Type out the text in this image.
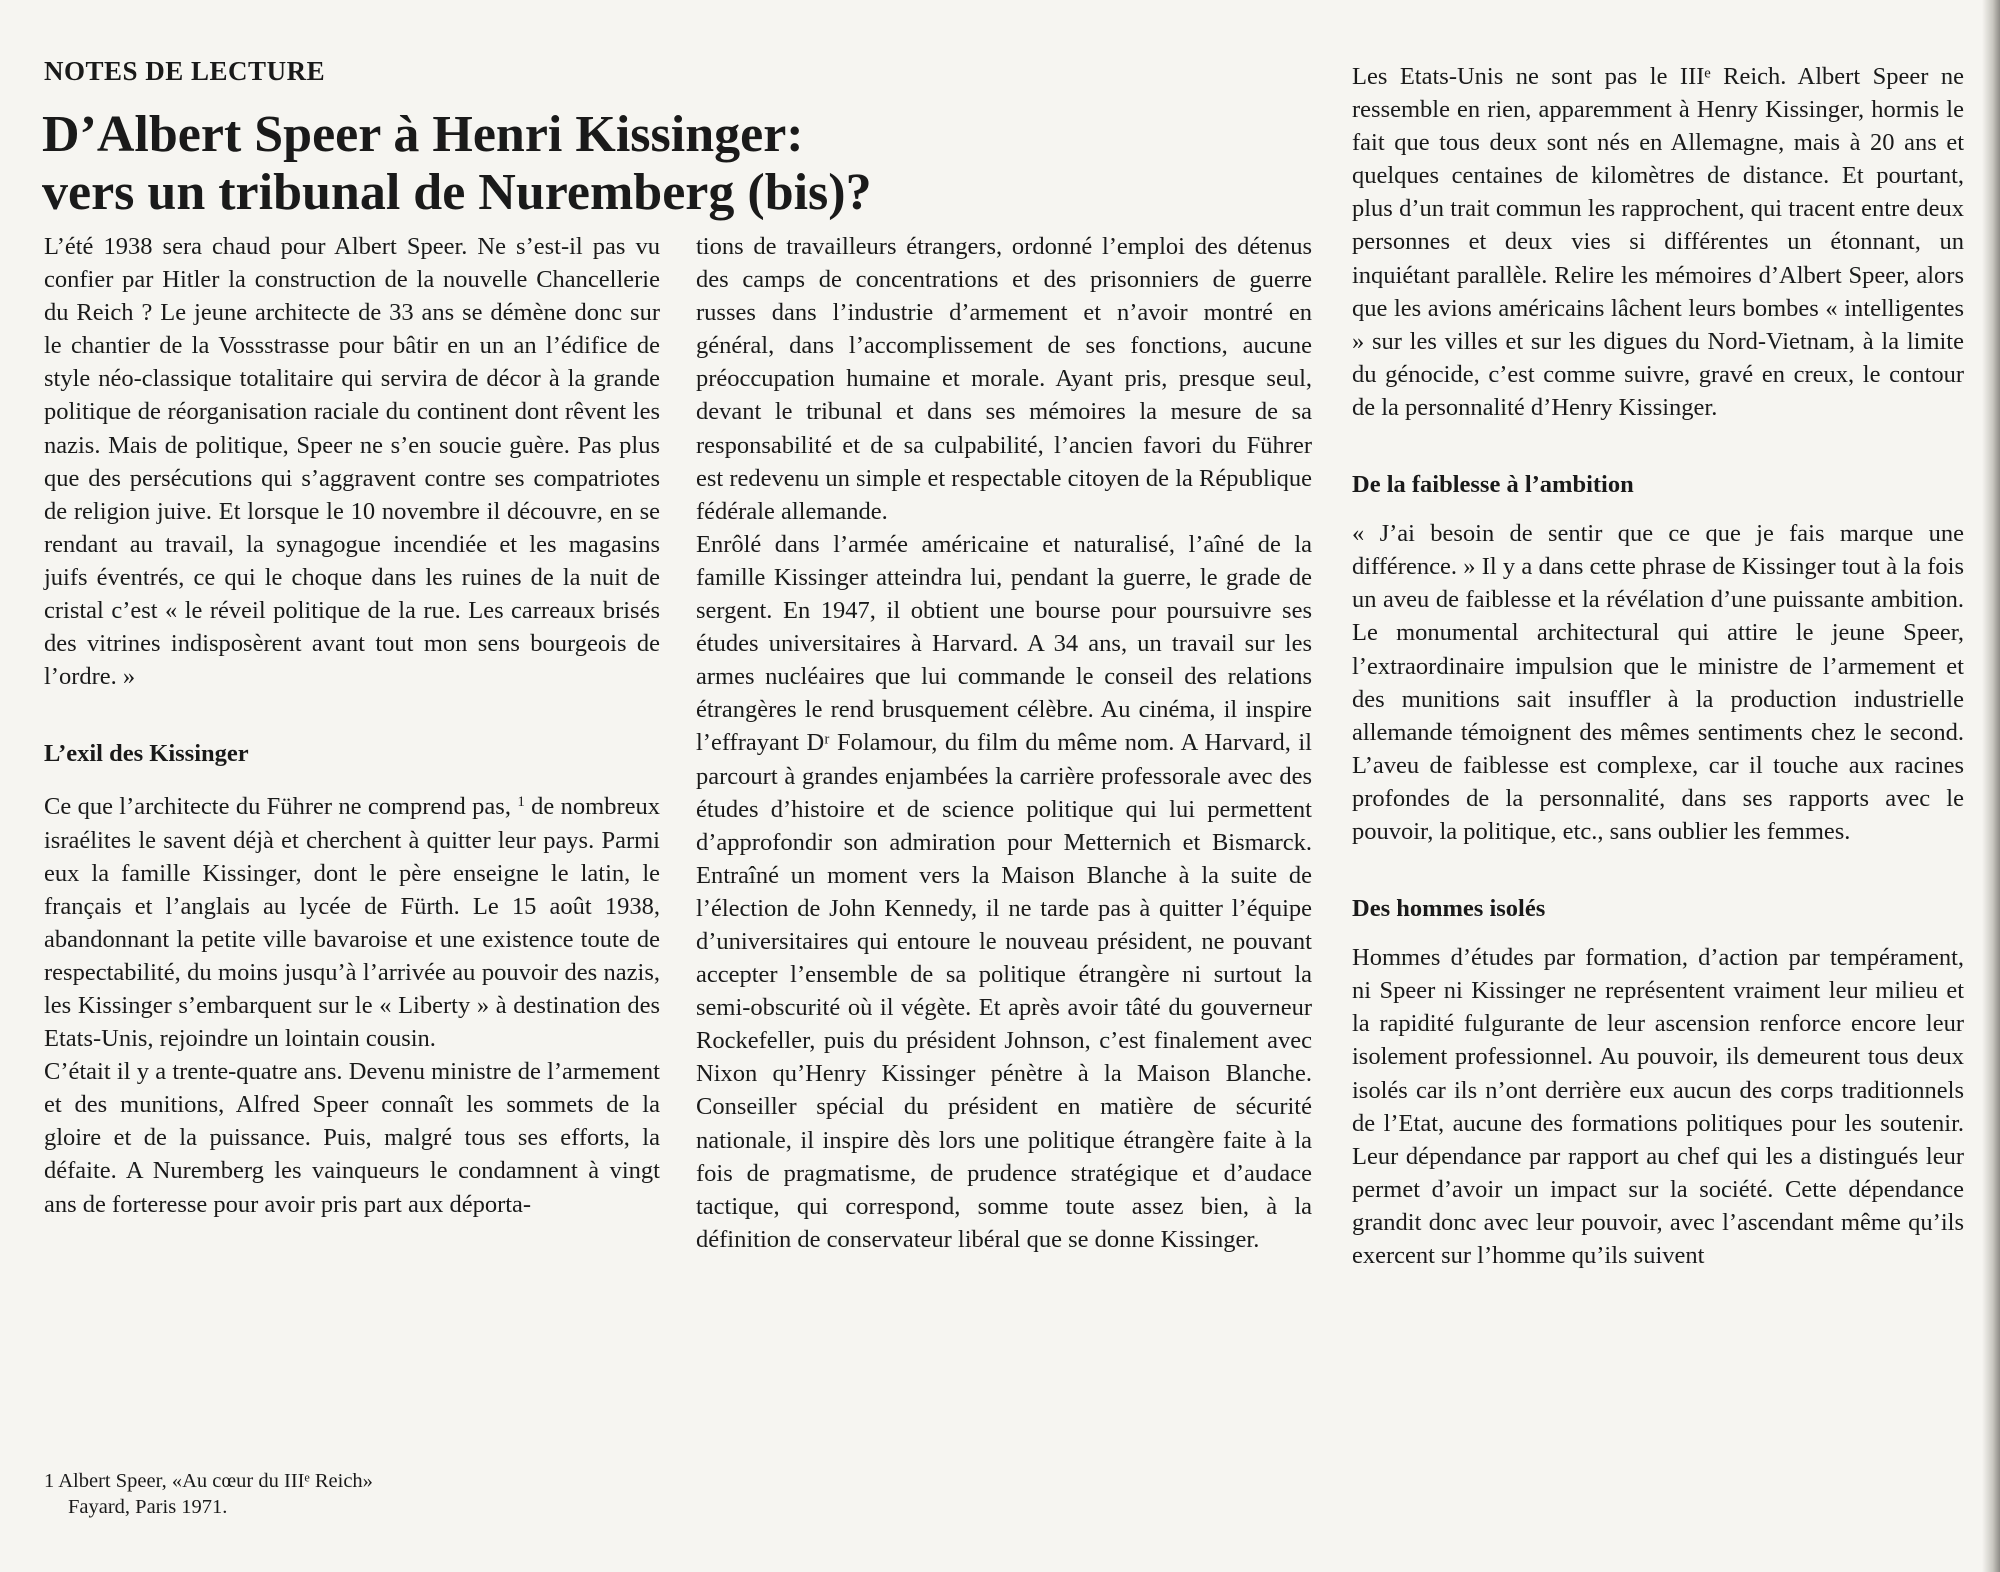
NOTES DE LECTURE
D’Albert Speer à Henri Kissinger:
vers un tribunal de Nuremberg (bis)?

L’été 1938 sera chaud pour Albert Speer. Ne s’est-il pas vu confier par Hitler la construction de la nouvelle Chancellerie du Reich ? Le jeune architecte de 33 ans se démène donc sur le chantier de la Vossstrasse pour bâtir en un an l’édifice de style néo-classique totalitaire qui servira de décor à la grande politique de réorganisation raciale du continent dont rêvent les nazis. Mais de politique, Speer ne s’en soucie guère. Pas plus que des persécutions qui s’aggravent contre ses compatriotes de religion juive. Et lorsque le 10 novembre il découvre, en se rendant au travail, la synagogue incendiée et les magasins juifs éventrés, ce qui le choque dans les ruines de la nuit de cristal c’est « le réveil politique de la rue. Les carreaux brisés des vitrines indisposèrent avant tout mon sens bourgeois de l’ordre. »

L’exil des Kissinger

Ce que l’architecte du Führer ne comprend pas, $^1$ de nombreux israélites le savent déjà et cherchent à quitter leur pays. Parmi eux la famille Kissinger, dont le père enseigne le latin, le français et l’anglais au lycée de Fürth. Le 15 août 1938, abandonnant la petite ville bavaroise et une existence toute de respectabilité, du moins jusqu’à l’arrivée au pouvoir des nazis, les Kissinger s’embarquent sur le « Liberty » à destination des Etats-Unis, rejoindre un lointain cousin.

C’était il y a trente-quatre ans. Devenu ministre de l’armement et des munitions, Alfred Speer connaît les sommets de la gloire et de la puissance. Puis, malgré tous ses efforts, la défaite. A Nuremberg les vainqueurs le condamnent à vingt ans de forteresse pour avoir pris part aux déporta-

1 Albert Speer, «Au cœur du IIIᵉ Reich»
Fayard, Paris 1971.

tions de travailleurs étrangers, ordonné l’emploi des détenus des camps de concentrations et des prisonniers de guerre russes dans l’industrie d’armement et n’avoir montré en général, dans l’accomplissement de ses fonctions, aucune préoccupation humaine et morale. Ayant pris, presque seul, devant le tribunal et dans ses mémoires la mesure de sa responsabilité et de sa culpabilité, l’ancien favori du Führer est redevenu un simple et respectable citoyen de la République fédérale allemande.

Enrôlé dans l’armée américaine et naturalisé, l’aîné de la famille Kissinger atteindra lui, pendant la guerre, le grade de sergent. En 1947, il obtient une bourse pour poursuivre ses études universitaires à Harvard. A 34 ans, un travail sur les armes nucléaires que lui commande le conseil des relations étrangères le rend brusquement célèbre. Au cinéma, il inspire l’effrayant Dʳ Folamour, du film du même nom. A Harvard, il parcourt à grandes enjambées la carrière professorale avec des études d’histoire et de science politique qui lui permettent d’approfondir son admiration pour Metternich et Bismarck. Entraîné un moment vers la Maison Blanche à la suite de l’élection de John Kennedy, il ne tarde pas à quitter l’équipe d’universitaires qui entoure le nouveau président, ne pouvant accepter l’ensemble de sa politique étrangère ni surtout la semi-obscurité où il végète. Et après avoir tâté du gouverneur Rockefeller, puis du président Johnson, c’est finalement avec Nixon qu’Henry Kissinger pénètre à la Maison Blanche. Conseiller spécial du président en matière de sécurité nationale, il inspire dès lors une politique étrangère faite à la fois de pragmatisme, de prudence stratégique et d’audace tactique, qui correspond, somme toute assez bien, à la définition de conservateur libéral que se donne Kissinger.

Les Etats-Unis ne sont pas le IIIᵉ Reich. Albert Speer ne ressemble en rien, apparemment à Henry Kissinger, hormis le fait que tous deux sont nés en Allemagne, mais à 20 ans et quelques centaines de kilomètres de distance. Et pourtant, plus d’un trait commun les rapprochent, qui tracent entre deux personnes et deux vies si différentes un étonnant, un inquiétant parallèle. Relire les mémoires d’Albert Speer, alors que les avions américains lâchent leurs bombes « intelligentes » sur les villes et sur les digues du Nord-Vietnam, à la limite du génocide, c’est comme suivre, gravé en creux, le contour de la personnalité d’Henry Kissinger.

De la faiblesse à l’ambition

« J’ai besoin de sentir que ce que je fais marque une différence. » Il y a dans cette phrase de Kissinger tout à la fois un aveu de faiblesse et la révélation d’une puissante ambition. Le monumental architectural qui attire le jeune Speer, l’extraordinaire impulsion que le ministre de l’armement et des munitions sait insuffler à la production industrielle allemande témoignent des mêmes sentiments chez le second. L’aveu de faiblesse est complexe, car il touche aux racines profondes de la personnalité, dans ses rapports avec le pouvoir, la politique, etc., sans oublier les femmes.

Des hommes isolés

Hommes d’études par formation, d’action par tempérament, ni Speer ni Kissinger ne représentent vraiment leur milieu et la rapidité fulgurante de leur ascension renforce encore leur isolement professionnel. Au pouvoir, ils demeurent tous deux isolés car ils n’ont derrière eux aucun des corps traditionnels de l’Etat, aucune des formations politiques pour les soutenir. Leur dépendance par rapport au chef qui les a distingués leur permet d’avoir un impact sur la société. Cette dépendance grandit donc avec leur pouvoir, avec l’ascendant même qu’ils exercent sur l’homme qu’ils suivent
